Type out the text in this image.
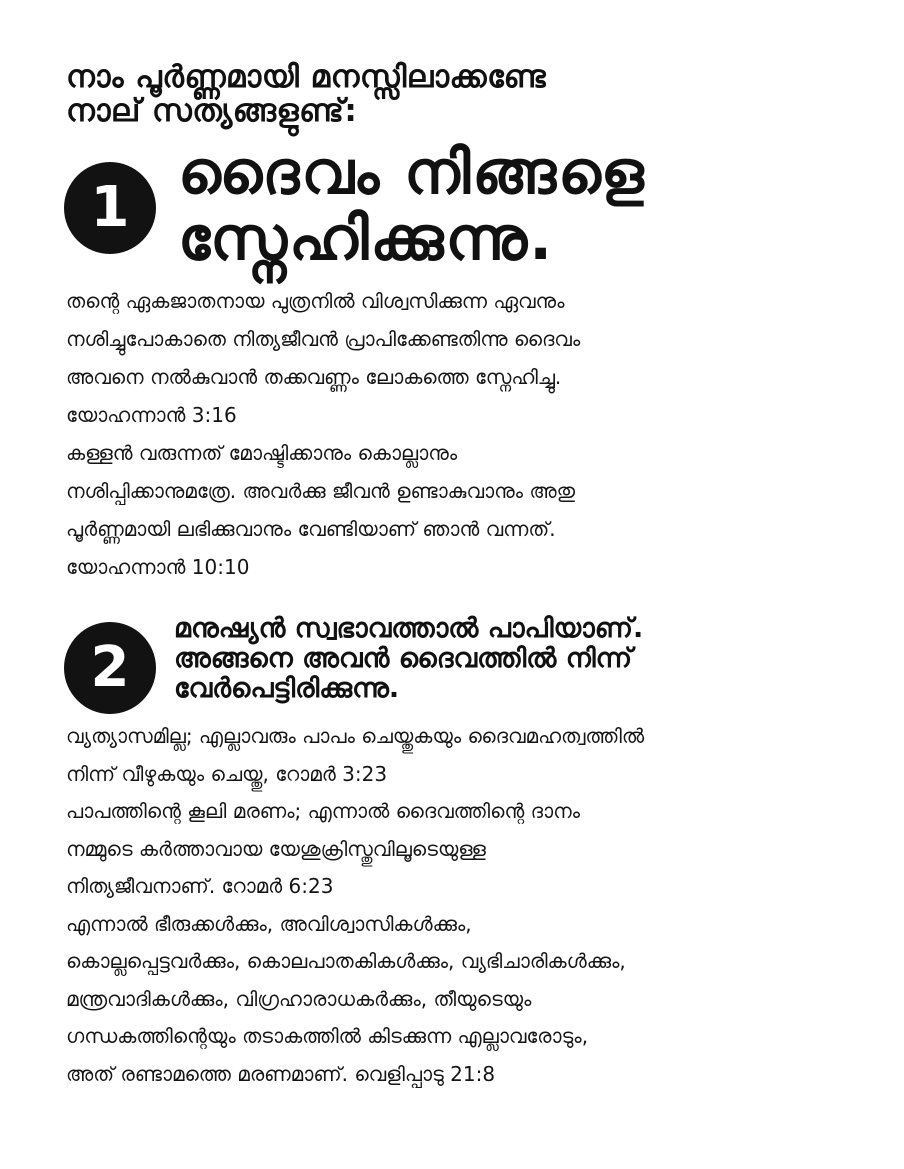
നാം പൂർണ്ണമായി മനസ്സിലാക്കണ്ടേ
നാല് സത്യങ്ങളുണ്ട്:
1 ദൈവം നിങ്ങളെ
സ്നേഹിക്കുന്നു.
തന്റെ ഏകജാതനായ പുത്രനിൽ വിശ്വസിക്കുന്ന ഏവനും
നശിച്ചുപോകാതെ നിത്യജീവൻ പ്രാപിക്കേണ്ടതിന്നു ദൈവം
അവനെ നൽകുവാൻ തക്കവണ്ണം ലോകത്തെ സ്നേഹിച്ചു.
യോഹന്നാൻ 3:16
കള്ളൻ വരുന്നത് മോഷ്ടിക്കാനും കൊല്ലാനും
നശിപ്പിക്കാനുമത്രേ. അവർക്കു ജീവൻ ഉണ്ടാകുവാനും അതു
പൂർണ്ണമായി ലഭിക്കുവാനും വേണ്ടിയാണ് ഞാൻ വന്നത്.
യോഹന്നാൻ 10:10
2
മനുഷ്യൻ സ്വഭാവത്താൽ പാപിയാണ്.
അങ്ങനെ അവൻ ദൈവത്തിൽ നിന്ന്
വേർപെട്ടിരിക്കുന്നു.
വ്യത്യാസമില്ല; എല്ലാവരും പാപം ചെയ്തുകയും ദൈവമഹത്വത്തിൽ
നിന്ന് വീഴുകയും ചെയ്തു, റോമർ 3:23
പാപത്തിന്റെ കൂലി മരണം; എന്നാൽ ദൈവത്തിന്റെ ദാനം
നമ്മുടെ കർത്താവായ യേശുക്രിസ്തുവിലൂടെയുള്ള
നിത്യജീവനാണ്. റോമർ 6:23
എന്നാൽ ഭീരുക്കൾക്കും, അവിശ്വാസികൾക്കും,
കൊല്ലപ്പെട്ടവർക്കും, കൊലപാതകികൾക്കും, വ്യഭിചാരികൾക്കും,
മന്ത്രവാദികൾക്കും, വിഗ്രഹാരാധകർക്കും, തീയുടെയും
ഗന്ധകത്തിന്റെയും തടാകത്തിൽ കിടക്കുന്ന എല്ലാവരോടും,
അത് രണ്ടാമത്തെ മരണമാണ്. വെളിപ്പാടു 21:8
